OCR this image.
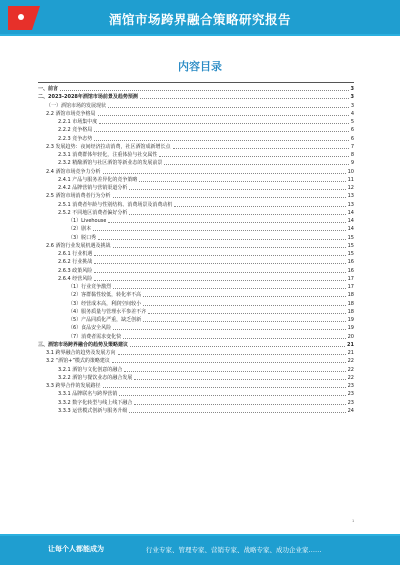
酒馆市场跨界融合策略研究报告
内容目录
一、前言	3
二、2023-2028年酒馆市场前景及趋势预测	3
（一）酒馆市场的发展现状	3
2.2 酒馆市场竞争格局	4
2.2.1 市场集中度	5
2.2.2 竞争格局	6
2.2.3 竞争态势	6
2.3 发展趋势：夜间经济拉动消费，社区酒馆成新增长点	7
2.3.1 消费群体年轻化，注重体验与社交属性	8
2.3.2 精酿酒馆与社区酒馆等新业态的发展前景	9
2.4 酒馆市场竞争力分析	10
2.4.1 产品与服务差异化的竞争策略	11
2.4.2 品牌营销与营销渠道分析	12
2.5 酒馆市场消费者行为分析	13
2.5.1 消费者年龄与性别结构、消费场景及消费动机	13
2.5.2 不同地区消费者偏好分析	14
（1）Livehouse	14
（2）剧本	14
（3）脱口秀	15
2.6 酒馆行业发展机遇及挑战	15
2.6.1 行业机遇	15
2.6.2 行业挑战	16
2.6.3 政策风险	16
2.6.4 经营风险	17
（1）行业竞争激烈	17
（2）客群黏性较低，转化率不高	18
（3）经营成本高，利润空间较小	18
（4）服务质量与管理水平参差不齐	18
（5）产品同质化严重，缺乏创新	19
（6）食品安全风险	19
（7）消费者需求变化快	20
三、酒馆市场跨界融合的趋势及策略建议	21
3.1 跨界融合的趋势及发展方向	21
3.2 “酒馆+”模式的策略建议	22
3.2.1 酒馆与文化创意的融合	22
3.2.2 酒馆与餐饮业态的融合发展	22
3.3 跨界合作的发展路径	23
3.3.1 品牌联名与跨界营销	23
3.3.2 数字化转型与线上线下融合	23
3.3.3 运营模式创新与服务升级	24
1
让每个人都能成为	行业专家、管理专家、营销专家、战略专家、成功企业家……
